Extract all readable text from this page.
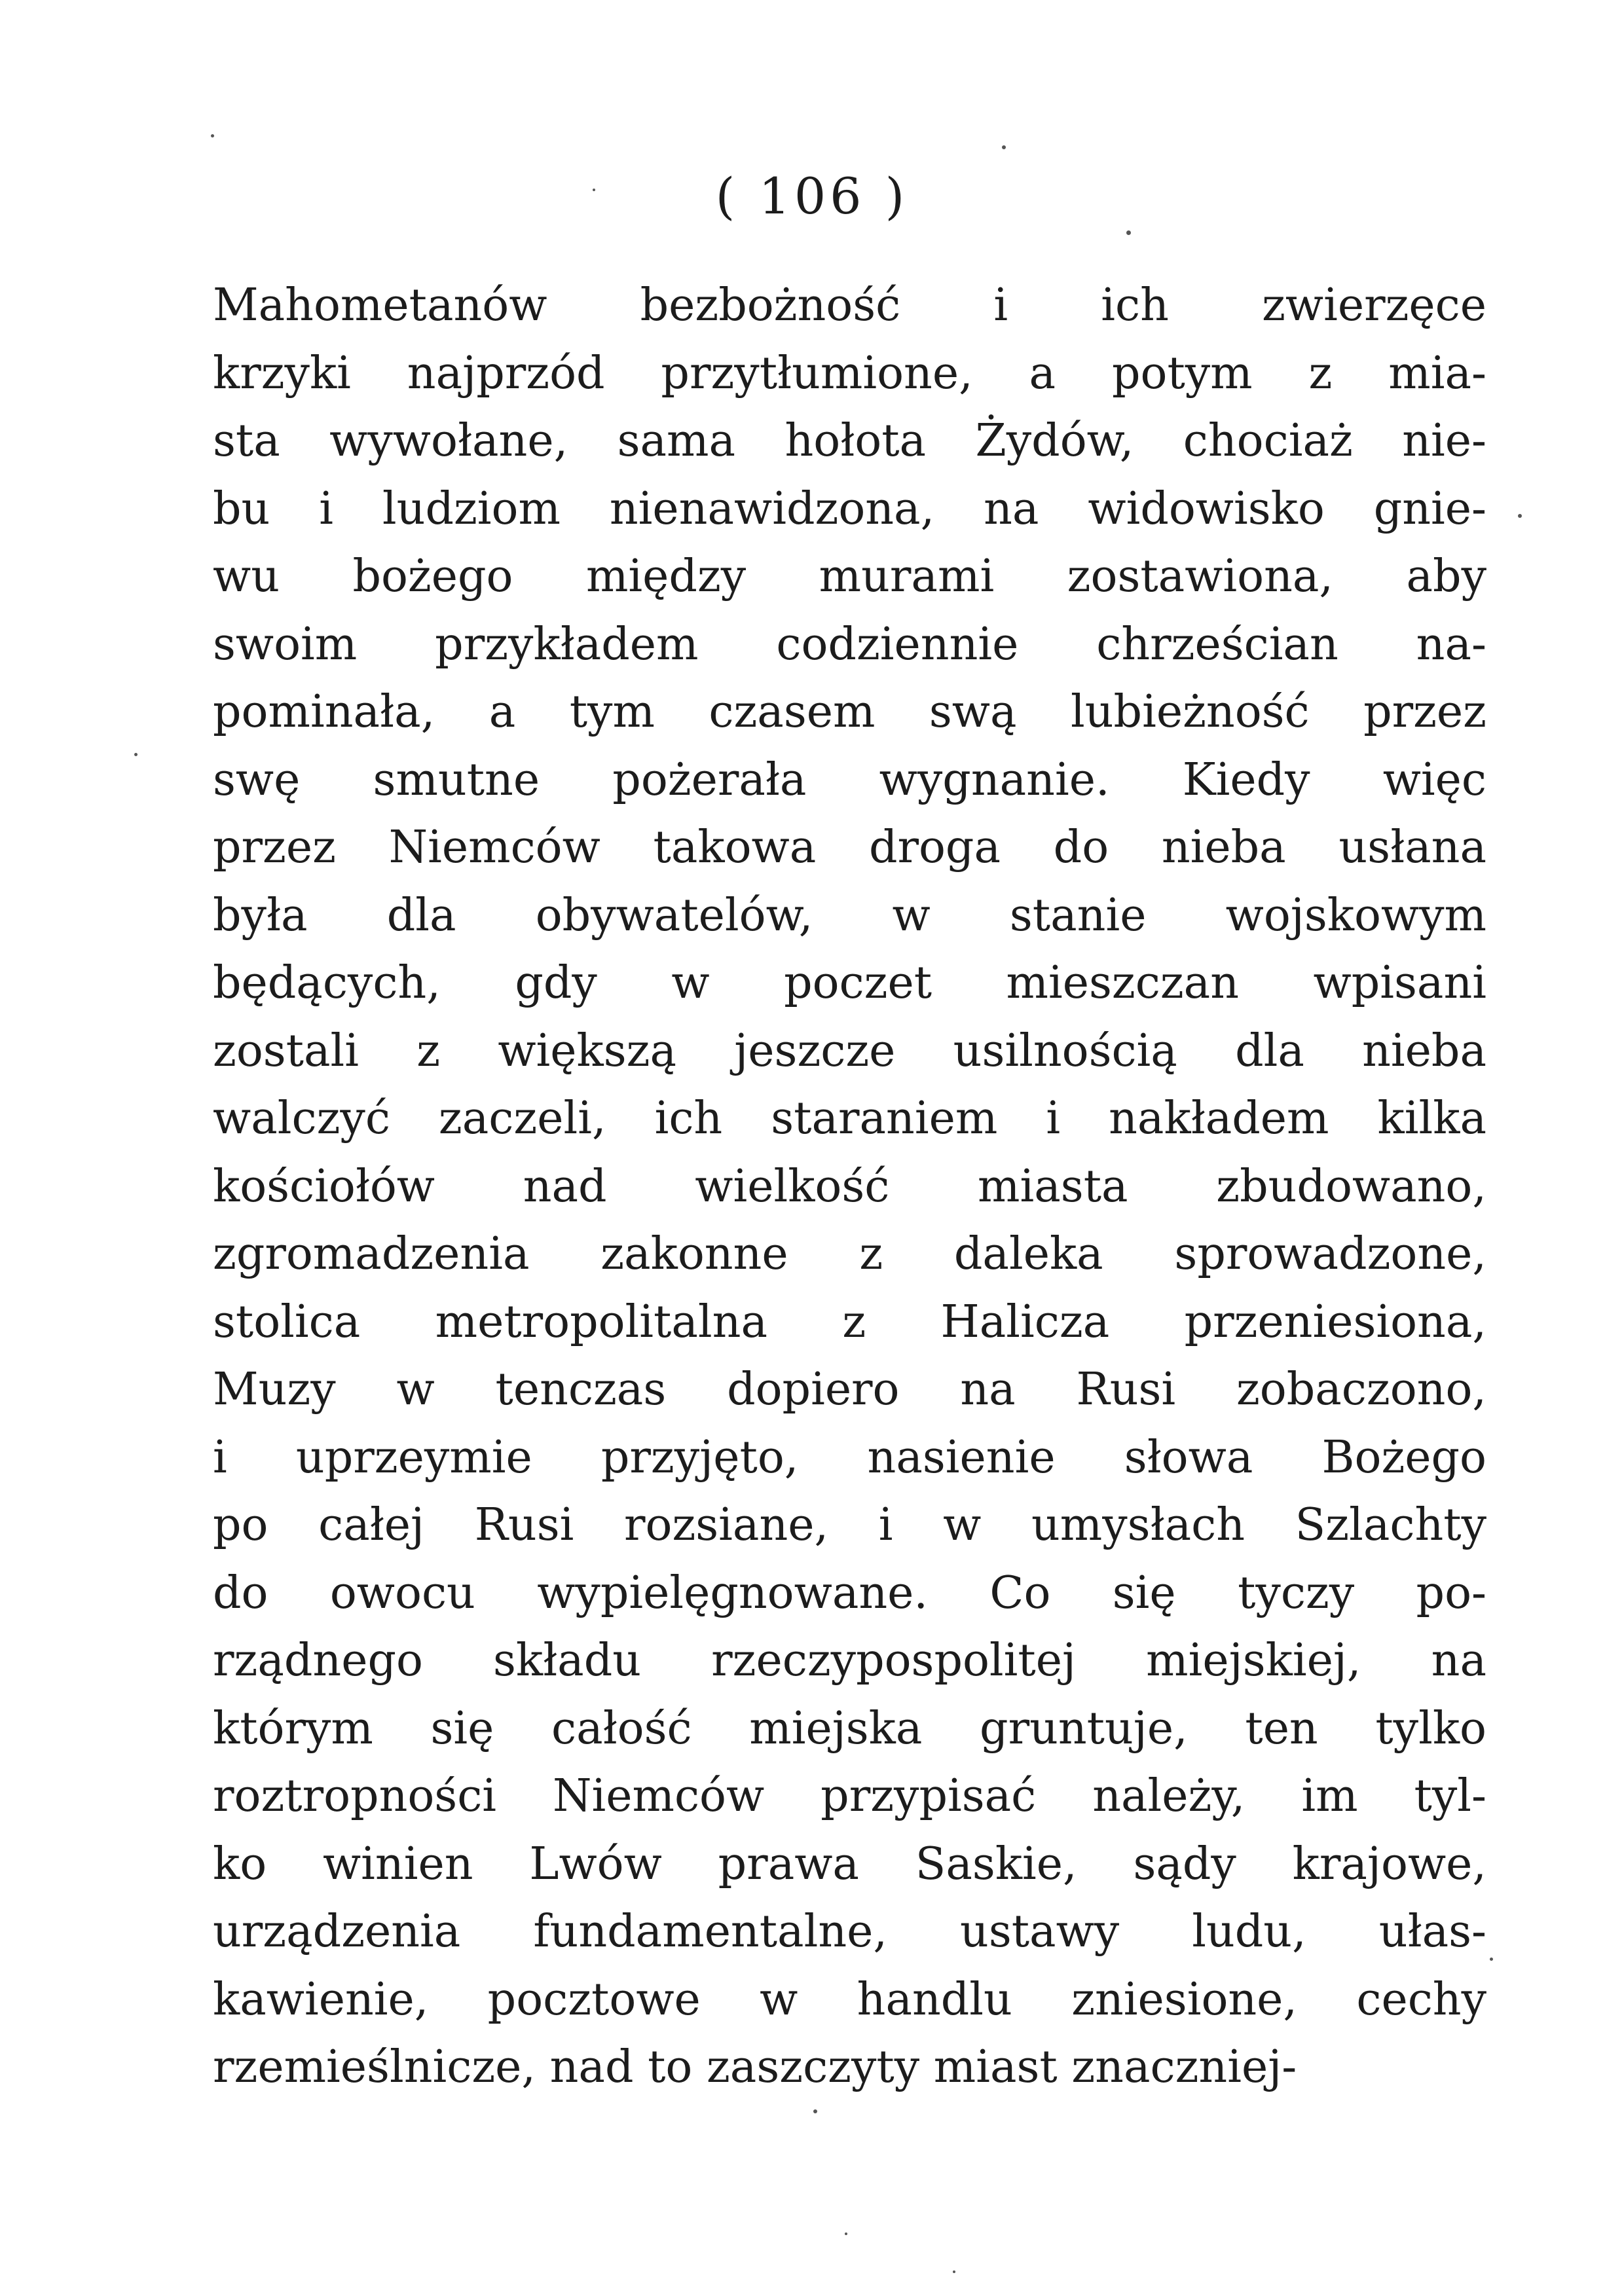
( 106 )
Mahometanów bezbożność i ich zwierzęce
krzyki najprzód przytłumione, a potym z mia-
sta wywołane, sama hołota Żydów, chociaż nie-
bu i ludziom nienawidzona, na widowisko gnie-
wu bożego między murami zostawiona, aby
swoim przykładem codziennie chrześcian na-
pominała, a tym czasem swą lubieżność przez
swę smutne pożerała wygnanie. Kiedy więc
przez Niemców takowa droga do nieba usłana
była dla obywatelów, w stanie wojskowym
będących, gdy w poczet mieszczan wpisani
zostali z większą jeszcze usilnością dla nieba
walczyć zaczeli, ich staraniem i nakładem kilka
kościołów nad wielkość miasta zbudowano,
zgromadzenia zakonne z daleka sprowadzone,
stolica metropolitalna z Halicza przeniesiona,
Muzy w tenczas dopiero na Rusi zobaczono,
i uprzeymie przyjęto, nasienie słowa Bożego
po całej Rusi rozsiane, i w umysłach Szlachty
do owocu wypielęgnowane. Co się tyczy po-
rządnego składu rzeczypospolitej miejskiej, na
którym się całość miejska gruntuje, ten tylko
roztropności Niemców przypisać należy, im tyl-
ko winien Lwów prawa Saskie, sądy krajowe,
urządzenia fundamentalne, ustawy ludu, ułas-
kawienie, pocztowe w handlu zniesione, cechy
rzemieślnicze, nad to zaszczyty miast znaczniej-
